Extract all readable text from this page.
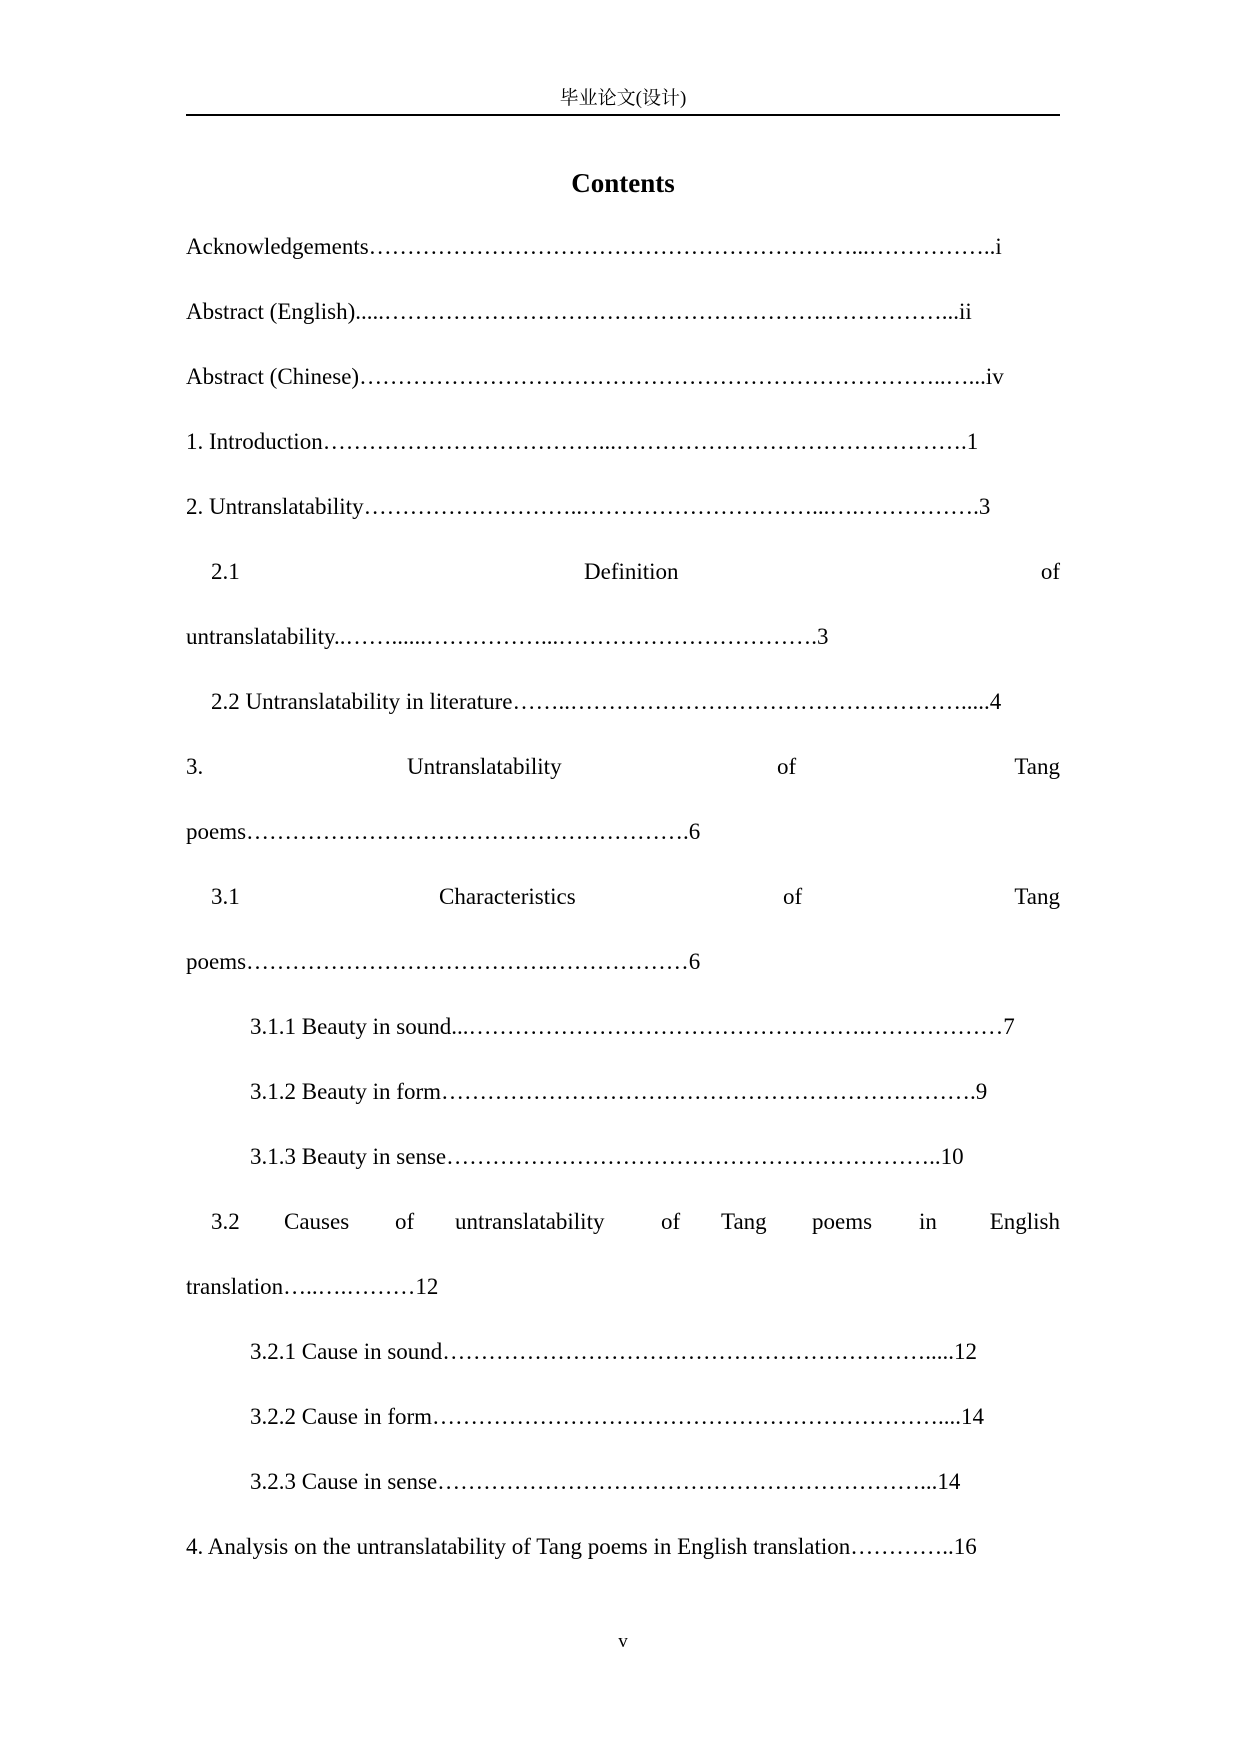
毕业论文(设计)
Contents
Acknowledgements………………………………………………………...……………..i
Abstract (English).....………………………………………………….……………...ii
Abstract (Chinese)…………………………………………………………………..…...iv
1. Introduction………………………………...……………………………………….1
2. Untranslatability………………………..…………………………...….…………….3
2.1	Definition	of
untranslatability..……......……………...…………………………….3
2.2 Untranslatability in literature……..…………………………………………….....4
3.	Untranslatability	of	Tang
poems………………………………………………….6
3.1	Characteristics	of	Tang
poems………………………………….………………6
3.1.1 Beauty in sound...…………………………………………….………………7
3.1.2 Beauty in form…………………………………………………………….9
3.1.3 Beauty in sense………………………………………………………..10
3.2 Causes of untranslatability of Tang poems in English
translation…..….………12
3.2.1 Cause in sound……………………………………………………….....12
3.2.2 Cause in form…………………………………………………………....14
3.2.3 Cause in sense………………………………………………………...14
4. Analysis on the untranslatability of Tang poems in English translation…………..16
v
